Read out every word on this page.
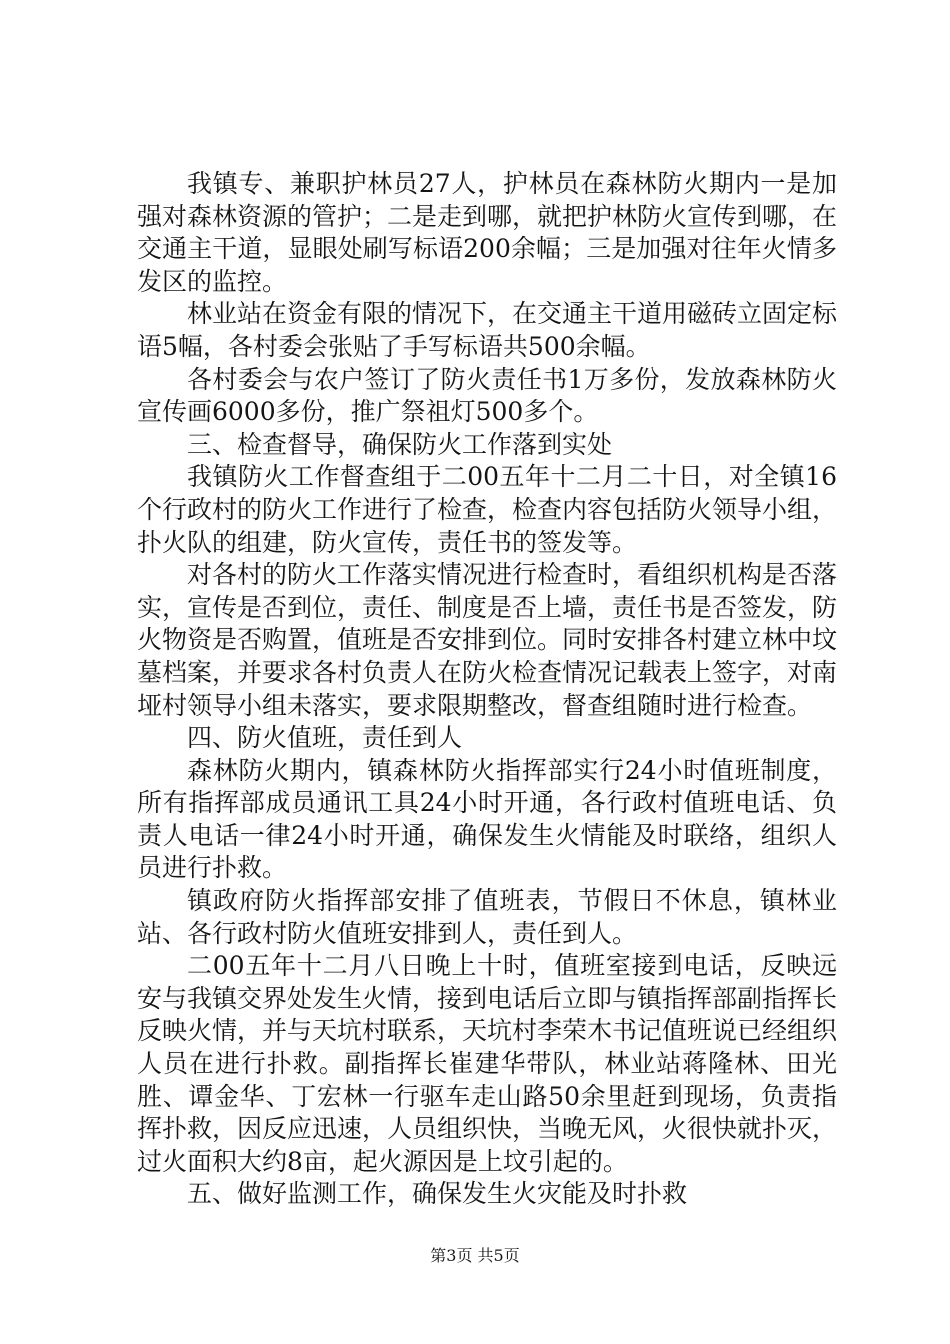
我镇专、兼职护林员27人，护林员在森林防火期内一是加强对森林资源的管护；二是走到哪，就把护林防火宣传到哪，在交通主干道，显眼处刷写标语200余幅；三是加强对往年火情多发区的监控。

林业站在资金有限的情况下，在交通主干道用磁砖立固定标语5幅，各村委会张贴了手写标语共500余幅。

各村委会与农户签订了防火责任书1万多份，发放森林防火宣传画6000多份，推广祭祖灯500多个。

三、检查督导，确保防火工作落到实处

我镇防火工作督查组于二00五年十二月二十日，对全镇16个行政村的防火工作进行了检查，检查内容包括防火领导小组，扑火队的组建，防火宣传，责任书的签发等。

对各村的防火工作落实情况进行检查时，看组织机构是否落实，宣传是否到位，责任、制度是否上墙，责任书是否签发，防火物资是否购置，值班是否安排到位。同时安排各村建立林中坟墓档案，并要求各村负责人在防火检查情况记载表上签字，对南垭村领导小组未落实，要求限期整改，督查组随时进行检查。

四、防火值班，责任到人

森林防火期内，镇森林防火指挥部实行24小时值班制度，所有指挥部成员通讯工具24小时开通，各行政村值班电话、负责人电话一律24小时开通，确保发生火情能及时联络，组织人员进行扑救。

镇政府防火指挥部安排了值班表，节假日不休息，镇林业站、各行政村防火值班安排到人，责任到人。

二00五年十二月八日晚上十时，值班室接到电话，反映远安与我镇交界处发生火情，接到电话后立即与镇指挥部副指挥长反映火情，并与天坑村联系，天坑村李荣木书记值班说已经组织人员在进行扑救。副指挥长崔建华带队，林业站蒋隆林、田光胜、谭金华、丁宏林一行驱车走山路50余里赶到现场，负责指挥扑救，因反应迅速，人员组织快，当晚无风，火很快就扑灭，过火面积大约8亩，起火源因是上坟引起的。

五、做好监测工作，确保发生火灾能及时扑救

第3页 共5页
